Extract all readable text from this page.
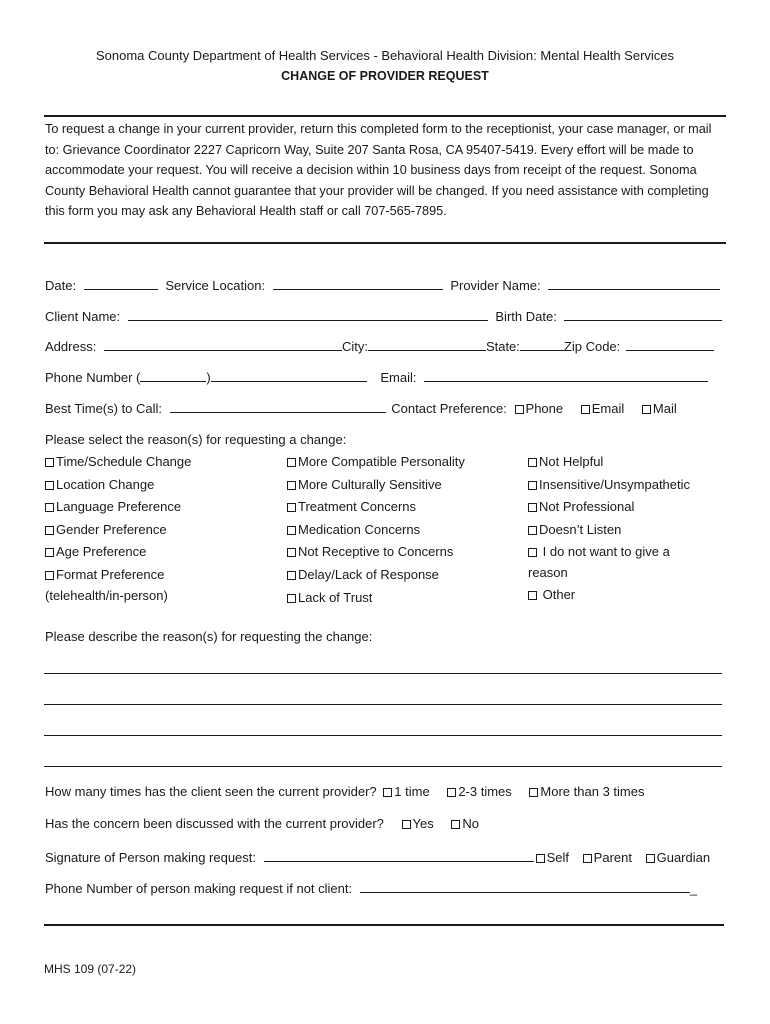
Sonoma County Department of Health Services - Behavioral Health Division: Mental Health Services
CHANGE OF PROVIDER REQUEST
To request a change in your current provider, return this completed form to the receptionist, your case manager, or mail to: Grievance Coordinator 2227 Capricorn Way, Suite 207 Santa Rosa, CA 95407-5419. Every effort will be made to accommodate your request. You will receive a decision within 10 business days from receipt of the request. Sonoma County Behavioral Health cannot guarantee that your provider will be changed. If you need assistance with completing this form you may ask any Behavioral Health staff or call 707-565-7895.
Date:	Service Location:	Provider Name:
Client Name:	Birth Date:
Address:	City:	State:	Zip Code:
Phone Number (	)	Email:
Best Time(s) to Call:	Contact Preference: Phone Email Mail
Please select the reason(s) for requesting a change:
Time/Schedule Change
Location Change
Language Preference
Gender Preference
Age Preference
Format Preference
(telehealth/in-person)
More Compatible Personality
More Culturally Sensitive
Treatment Concerns
Medication Concerns
Not Receptive to Concerns
Delay/Lack of Response
Lack of Trust
Not Helpful
Insensitive/Unsympathetic
Not Professional
Doesn’t Listen
I do not want to give a
reason
Other
Please describe the reason(s) for requesting the change:
How many times has the client seen the current provider? 1 time 2-3 times More than 3 times
Has the concern been discussed with the current provider? Yes No
Signature of Person making request:	Self Parent Guardian
Phone Number of person making request if not client:	_
MHS 109 (07-22)
